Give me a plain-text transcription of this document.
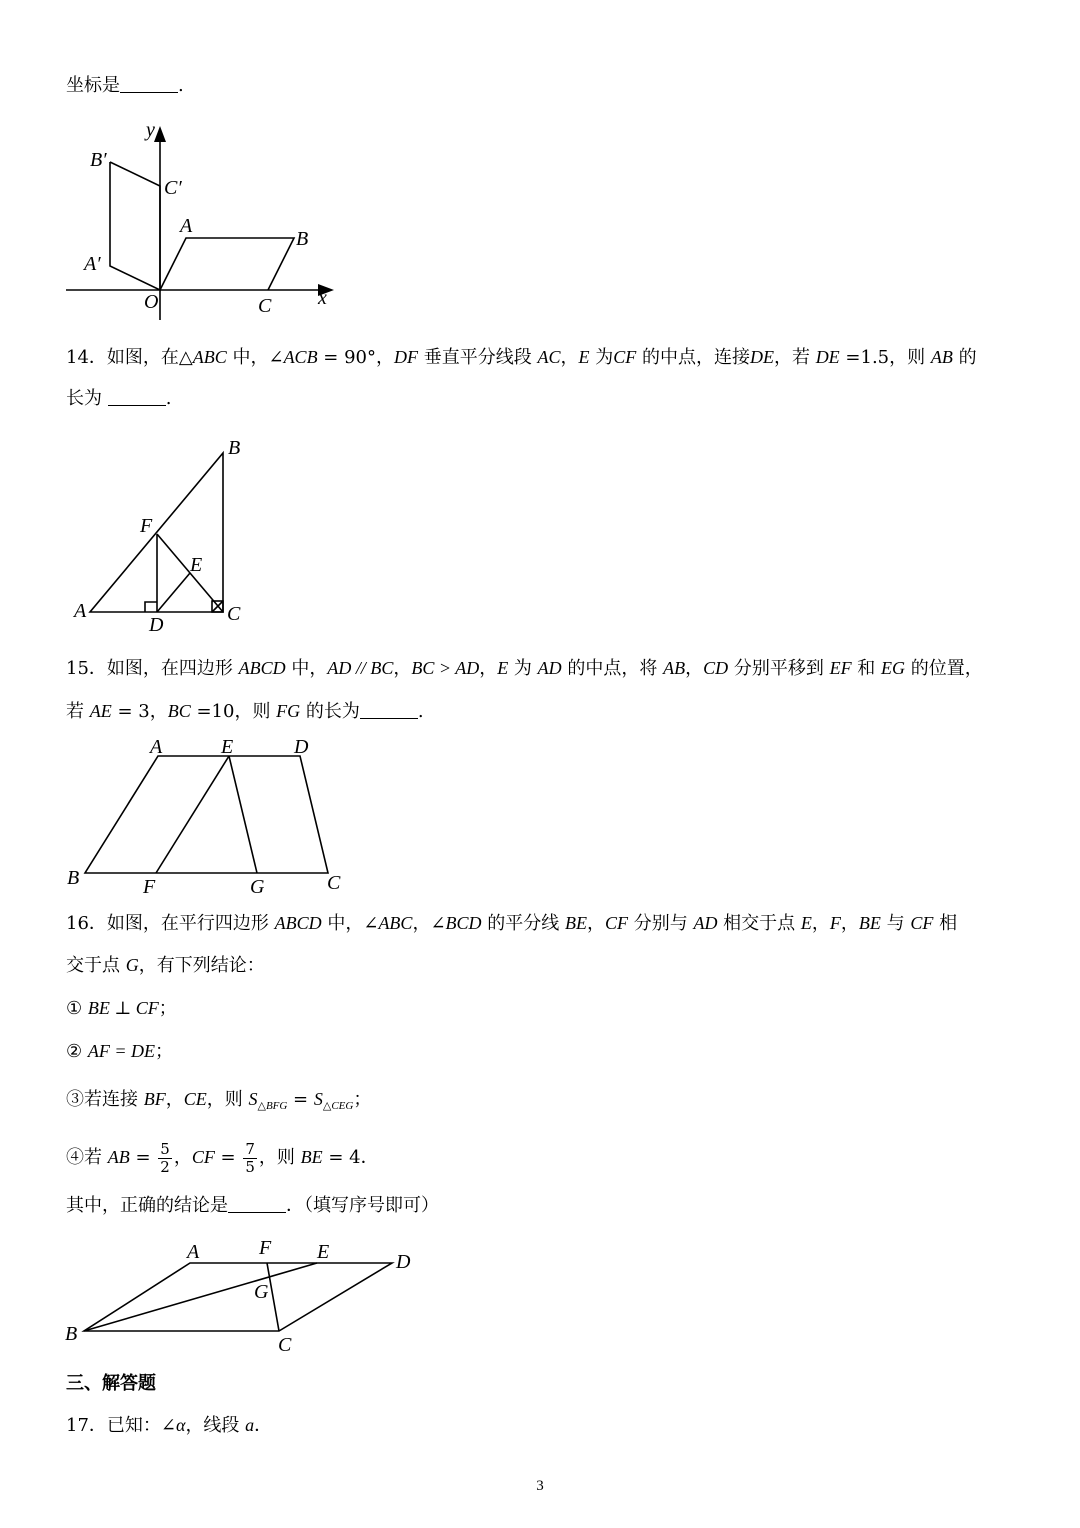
坐标是	.
y
x
O
A
B
C
A′
B′
C′
14．如图，在△ABC 中，∠ACB = 90°，DF 垂直平分线段 AC，E 为CF 的中点，连接DE，若 DE =1.5，则 AB 的
长为	.
B
F
E
A
D	C
15．如图，在四边形 ABCD 中，AD // BC，BC > AD，E 为 AD 的中点，将 AB，CD 分别平移到 EF 和 EG 的位置，
若 AE = 3，BC =10，则 FG 的长为	.
A	E	D
B	F	G	C
16．如图，在平行四边形 ABCD 中，∠ABC，∠BCD 的平分线 BE，CF 分别与 AD 相交于点 E，F，BE 与 CF 相
交于点 G，有下列结论：
① BE ⊥ CF；
② AF = DE；
③若连接 BF，CE，则 $S_{\triangle BFG} = S_{\triangle CEG}$；
④若 AB = $\frac{5}{2}$ ，CF = $\frac{7}{5}$ ，则 BE = 4．
其中，正确的结论是	．（填写序号即可）
A	F E	D
G
B	C
三、解答题
17．已知：∠α，线段 a．
3
